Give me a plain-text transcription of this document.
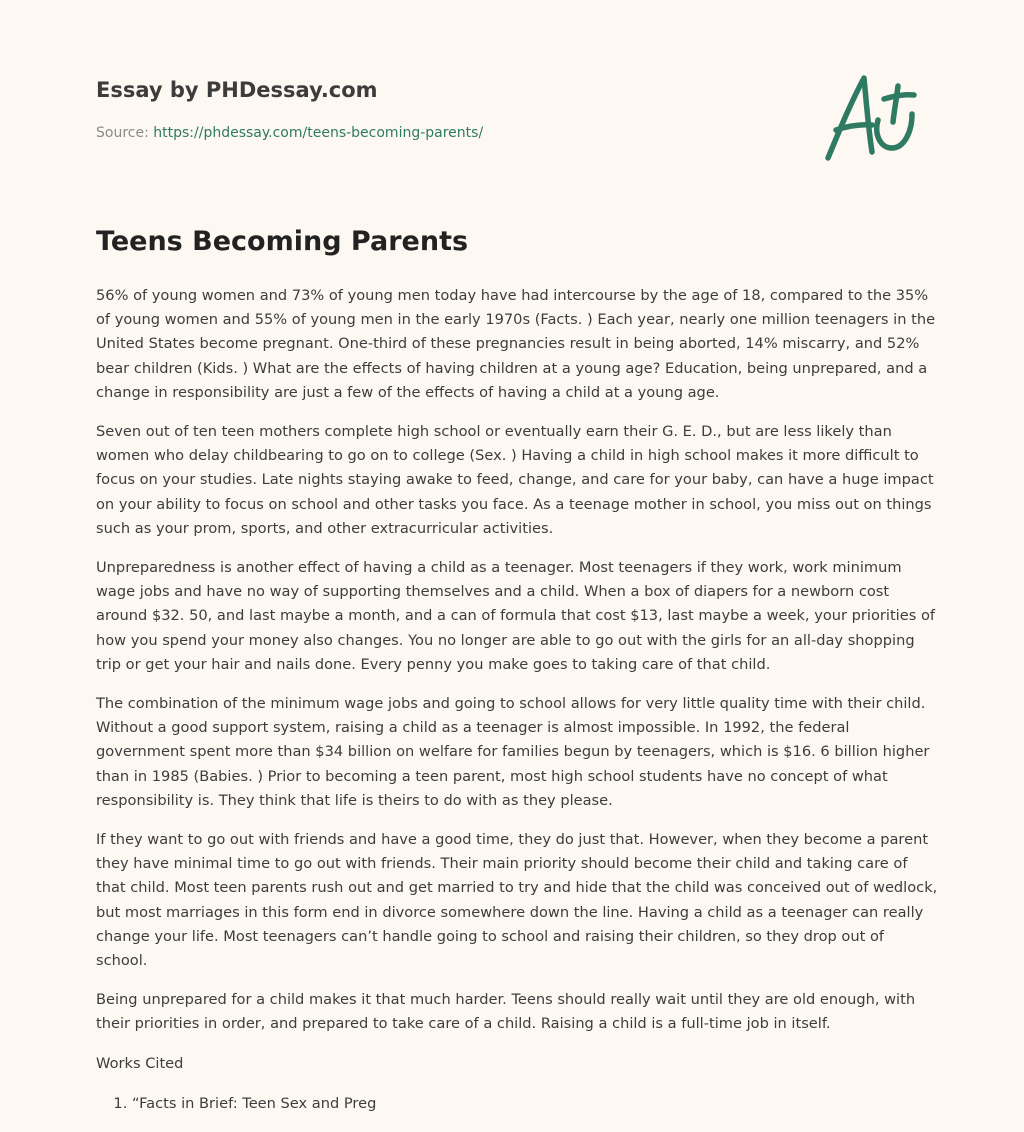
Essay by PHDessay.com
Source: https://phdessay.com/teens-becoming-parents/
Teens Becoming Parents

56% of young women and 73% of young men today have had intercourse by the age of 18, compared to the 35% of young women and 55% of young men in the early 1970s (Facts. ) Each year, nearly one million teenagers in the United States become pregnant. One-third of these pregnancies result in being aborted, 14% miscarry, and 52% bear children (Kids. ) What are the effects of having children at a young age? Education, being unprepared, and a change in responsibility are just a few of the effects of having a child at a young age.

Seven out of ten teen mothers complete high school or eventually earn their G. E. D., but are less likely than women who delay childbearing to go on to college (Sex. ) Having a child in high school makes it more difficult to focus on your studies. Late nights staying awake to feed, change, and care for your baby, can have a huge impact on your ability to focus on school and other tasks you face. As a teenage mother in school, you miss out on things such as your prom, sports, and other extracurricular activities.

Unpreparedness is another effect of having a child as a teenager. Most teenagers if they work, work minimum wage jobs and have no way of supporting themselves and a child. When a box of diapers for a newborn cost around $32. 50, and last maybe a month, and a can of formula that cost $13, last maybe a week, your priorities of how you spend your money also changes. You no longer are able to go out with the girls for an all-day shopping trip or get your hair and nails done. Every penny you make goes to taking care of that child.

The combination of the minimum wage jobs and going to school allows for very little quality time with their child. Without a good support system, raising a child as a teenager is almost impossible. In 1992, the federal government spent more than $34 billion on welfare for families begun by teenagers, which is $16. 6 billion higher than in 1985 (Babies. ) Prior to becoming a teen parent, most high school students have no concept of what responsibility is. They think that life is theirs to do with as they please.

If they want to go out with friends and have a good time, they do just that. However, when they become a parent they have minimal time to go out with friends. Their main priority should become their child and taking care of that child. Most teen parents rush out and get married to try and hide that the child was conceived out of wedlock, but most marriages in this form end in divorce somewhere down the line. Having a child as a teenager can really change your life. Most teenagers can’t handle going to school and raising their children, so they drop out of school.

Being unprepared for a child makes it that much harder. Teens should really wait until they are old enough, with their priorities in order, and prepared to take care of a child. Raising a child is a full-time job in itself.

Works Cited
1. “Facts in Brief: Teen Sex and Preg
